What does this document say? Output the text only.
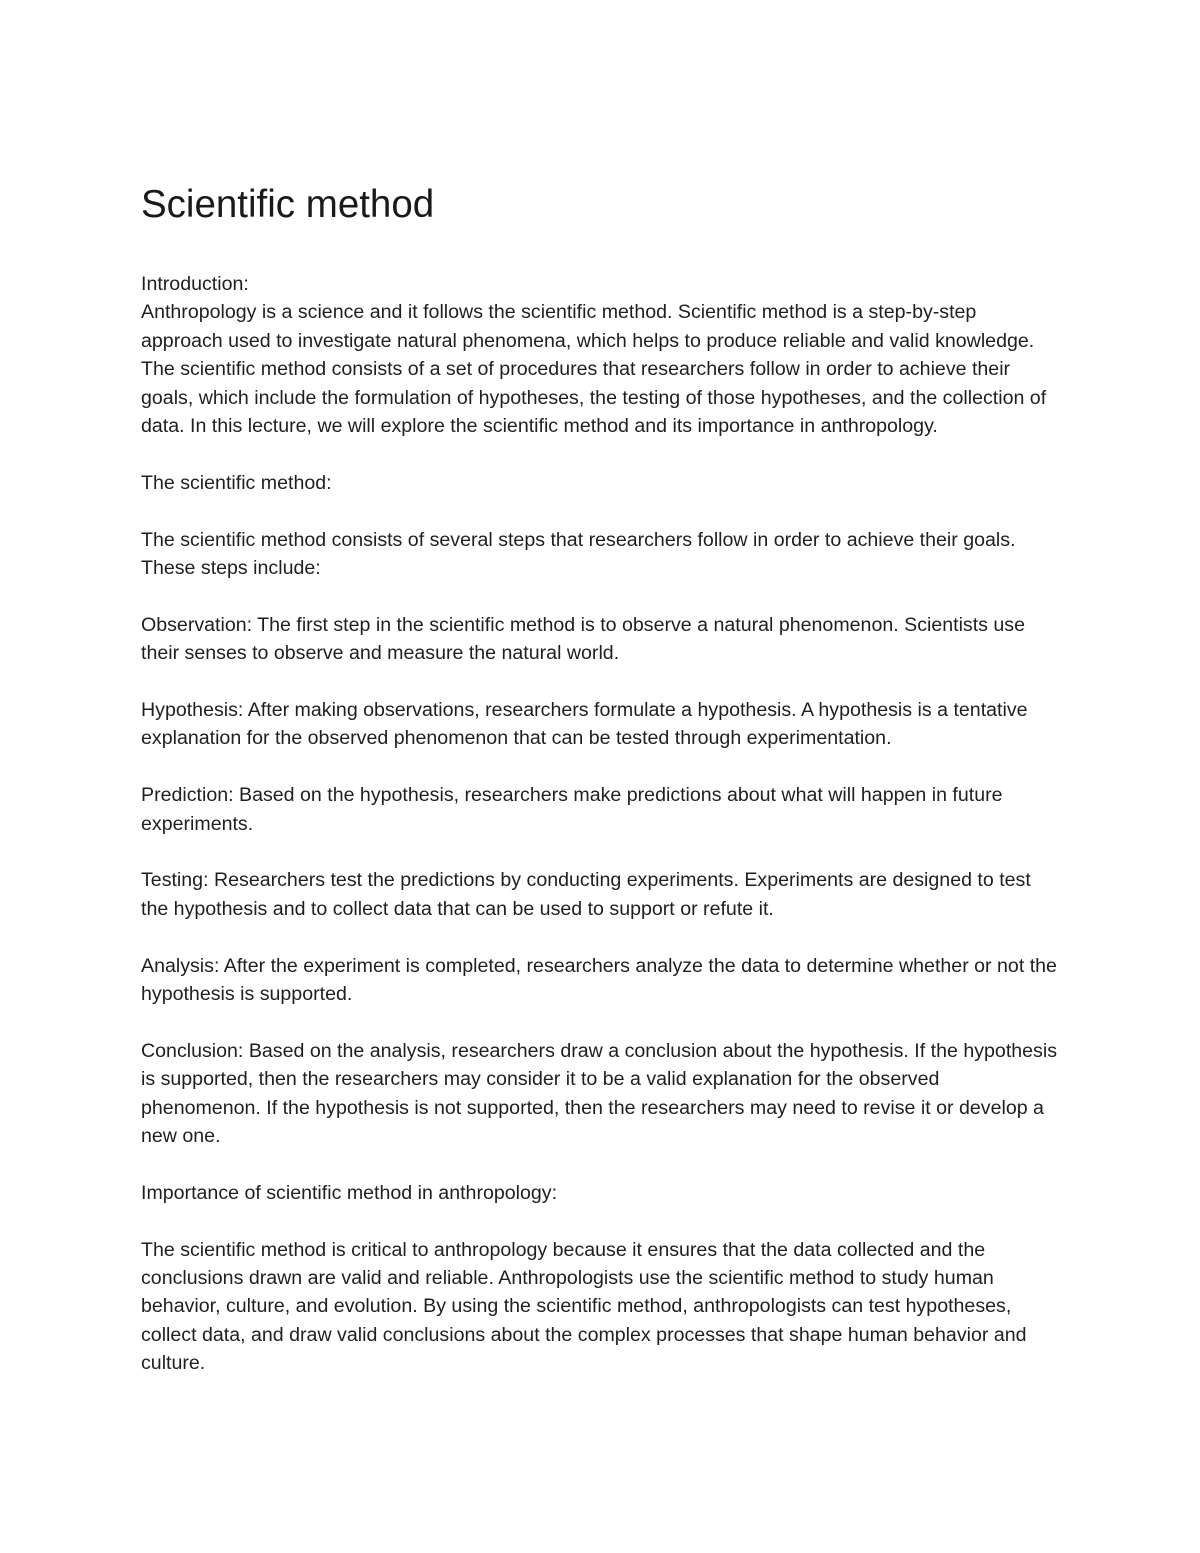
Scientific method

Introduction:

Anthropology is a science and it follows the scientific method. Scientific method is a step-by-step approach used to investigate natural phenomena, which helps to produce reliable and valid knowledge. The scientific method consists of a set of procedures that researchers follow in order to achieve their goals, which include the formulation of hypotheses, the testing of those hypotheses, and the collection of data. In this lecture, we will explore the scientific method and its importance in anthropology.

The scientific method:

The scientific method consists of several steps that researchers follow in order to achieve their goals. These steps include:

Observation: The first step in the scientific method is to observe a natural phenomenon. Scientists use their senses to observe and measure the natural world.

Hypothesis: After making observations, researchers formulate a hypothesis. A hypothesis is a tentative explanation for the observed phenomenon that can be tested through experimentation.

Prediction: Based on the hypothesis, researchers make predictions about what will happen in future experiments.

Testing: Researchers test the predictions by conducting experiments. Experiments are designed to test the hypothesis and to collect data that can be used to support or refute it.

Analysis: After the experiment is completed, researchers analyze the data to determine whether or not the hypothesis is supported.

Conclusion: Based on the analysis, researchers draw a conclusion about the hypothesis. If the hypothesis is supported, then the researchers may consider it to be a valid explanation for the observed phenomenon. If the hypothesis is not supported, then the researchers may need to revise it or develop a new one.

Importance of scientific method in anthropology:

The scientific method is critical to anthropology because it ensures that the data collected and the conclusions drawn are valid and reliable. Anthropologists use the scientific method to study human behavior, culture, and evolution. By using the scientific method, anthropologists can test hypotheses, collect data, and draw valid conclusions about the complex processes that shape human behavior and culture.
